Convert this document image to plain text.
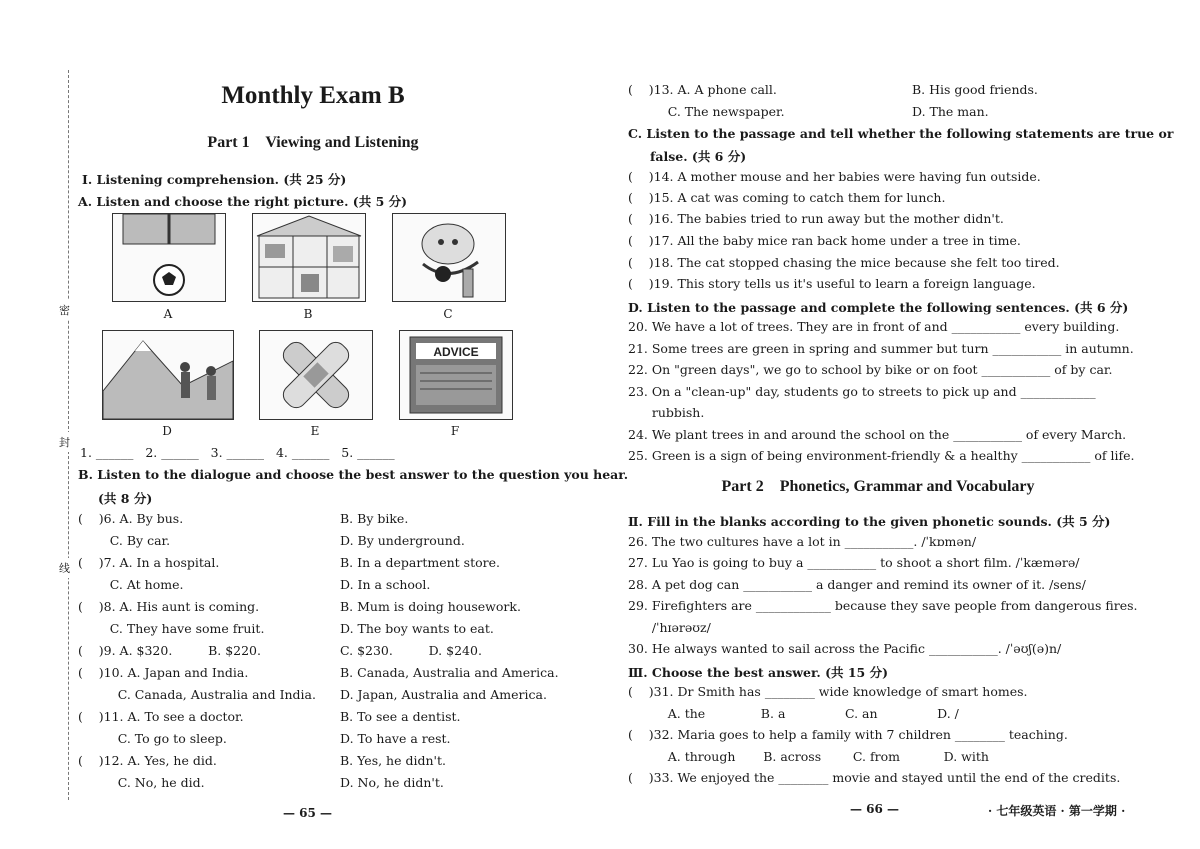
密
封
线
Monthly Exam B
Part 1    Viewing and Listening
Ⅰ. Listening comprehension. (共 25 分)
A. Listen and choose the right picture. (共 5 分)
ADVICE
A	B	C
D	E	F
1. ______   2. ______   3. ______   4. ______   5. ______
B. Listen to the dialogue and choose the best answer to the question you hear.
(共 8 分)
(    )6. A. By bus.	B. By bike.
C. By car.	D. By underground.
(    )7. A. In a hospital.	B. In a department store.
C. At home.	D. In a school.
(    )8. A. His aunt is coming.	B. Mum is doing housework.
C. They have some fruit.	D. The boy wants to eat.
(    )9. A. $320.         B. $220.	C. $230.         D. $240.
(    )10. A. Japan and India.	B. Canada, Australia and America.
C. Canada, Australia and India. D. Japan, Australia and America.
(    )11. A. To see a doctor.	B. To see a dentist.
C. To go to sleep.	D. To have a rest.
(    )12. A. Yes, he did.	B. Yes, he didn't.
C. No, he did.	D. No, he didn't.
— 65 —
(    )13. A. A phone call.	B. His good friends.
C. The newspaper.	D. The man.
C. Listen to the passage and tell whether the following statements are true or
false. (共 6 分)
(    )14. A mother mouse and her babies were having fun outside.
(    )15. A cat was coming to catch them for lunch.
(    )16. The babies tried to run away but the mother didn't.
(    )17. All the baby mice ran back home under a tree in time.
(    )18. The cat stopped chasing the mice because she felt too tired.
(    )19. This story tells us it's useful to learn a foreign language.
D. Listen to the passage and complete the following sentences. (共 6 分)
20. We have a lot of trees. They are in front of and ___________ every building.
21. Some trees are green in spring and summer but turn ___________ in autumn.
22. On "green days", we go to school by bike or on foot ___________ of by car.
23. On a "clean-up" day, students go to streets to pick up and ____________
rubbish.
24. We plant trees in and around the school on the ___________ of every March.
25. Green is a sign of being environment-friendly & a healthy ___________ of life.
Part 2    Phonetics, Grammar and Vocabulary
Ⅱ. Fill in the blanks according to the given phonetic sounds. (共 5 分)
26. The two cultures have a lot in ___________. /ˈkɒmən/
27. Lu Yao is going to buy a ___________ to shoot a short film. /ˈkæmərə/
28. A pet dog can ___________ a danger and remind its owner of it. /sens/
29. Firefighters are ____________ because they save people from dangerous fires.
/ˈhɪərəʊz/
30. He always wanted to sail across the Pacific ___________. /ˈəʊʃ(ə)n/
Ⅲ. Choose the best answer. (共 15 分)
(    )31. Dr Smith has ________ wide knowledge of smart homes.
A. the              B. a               C. an               D. /
(    )32. Maria goes to help a family with 7 children ________ teaching.
A. through       B. across        C. from           D. with
(    )33. We enjoyed the ________ movie and stayed until the end of the credits.
— 66 —	· 七年级英语 · 第一学期 ·
